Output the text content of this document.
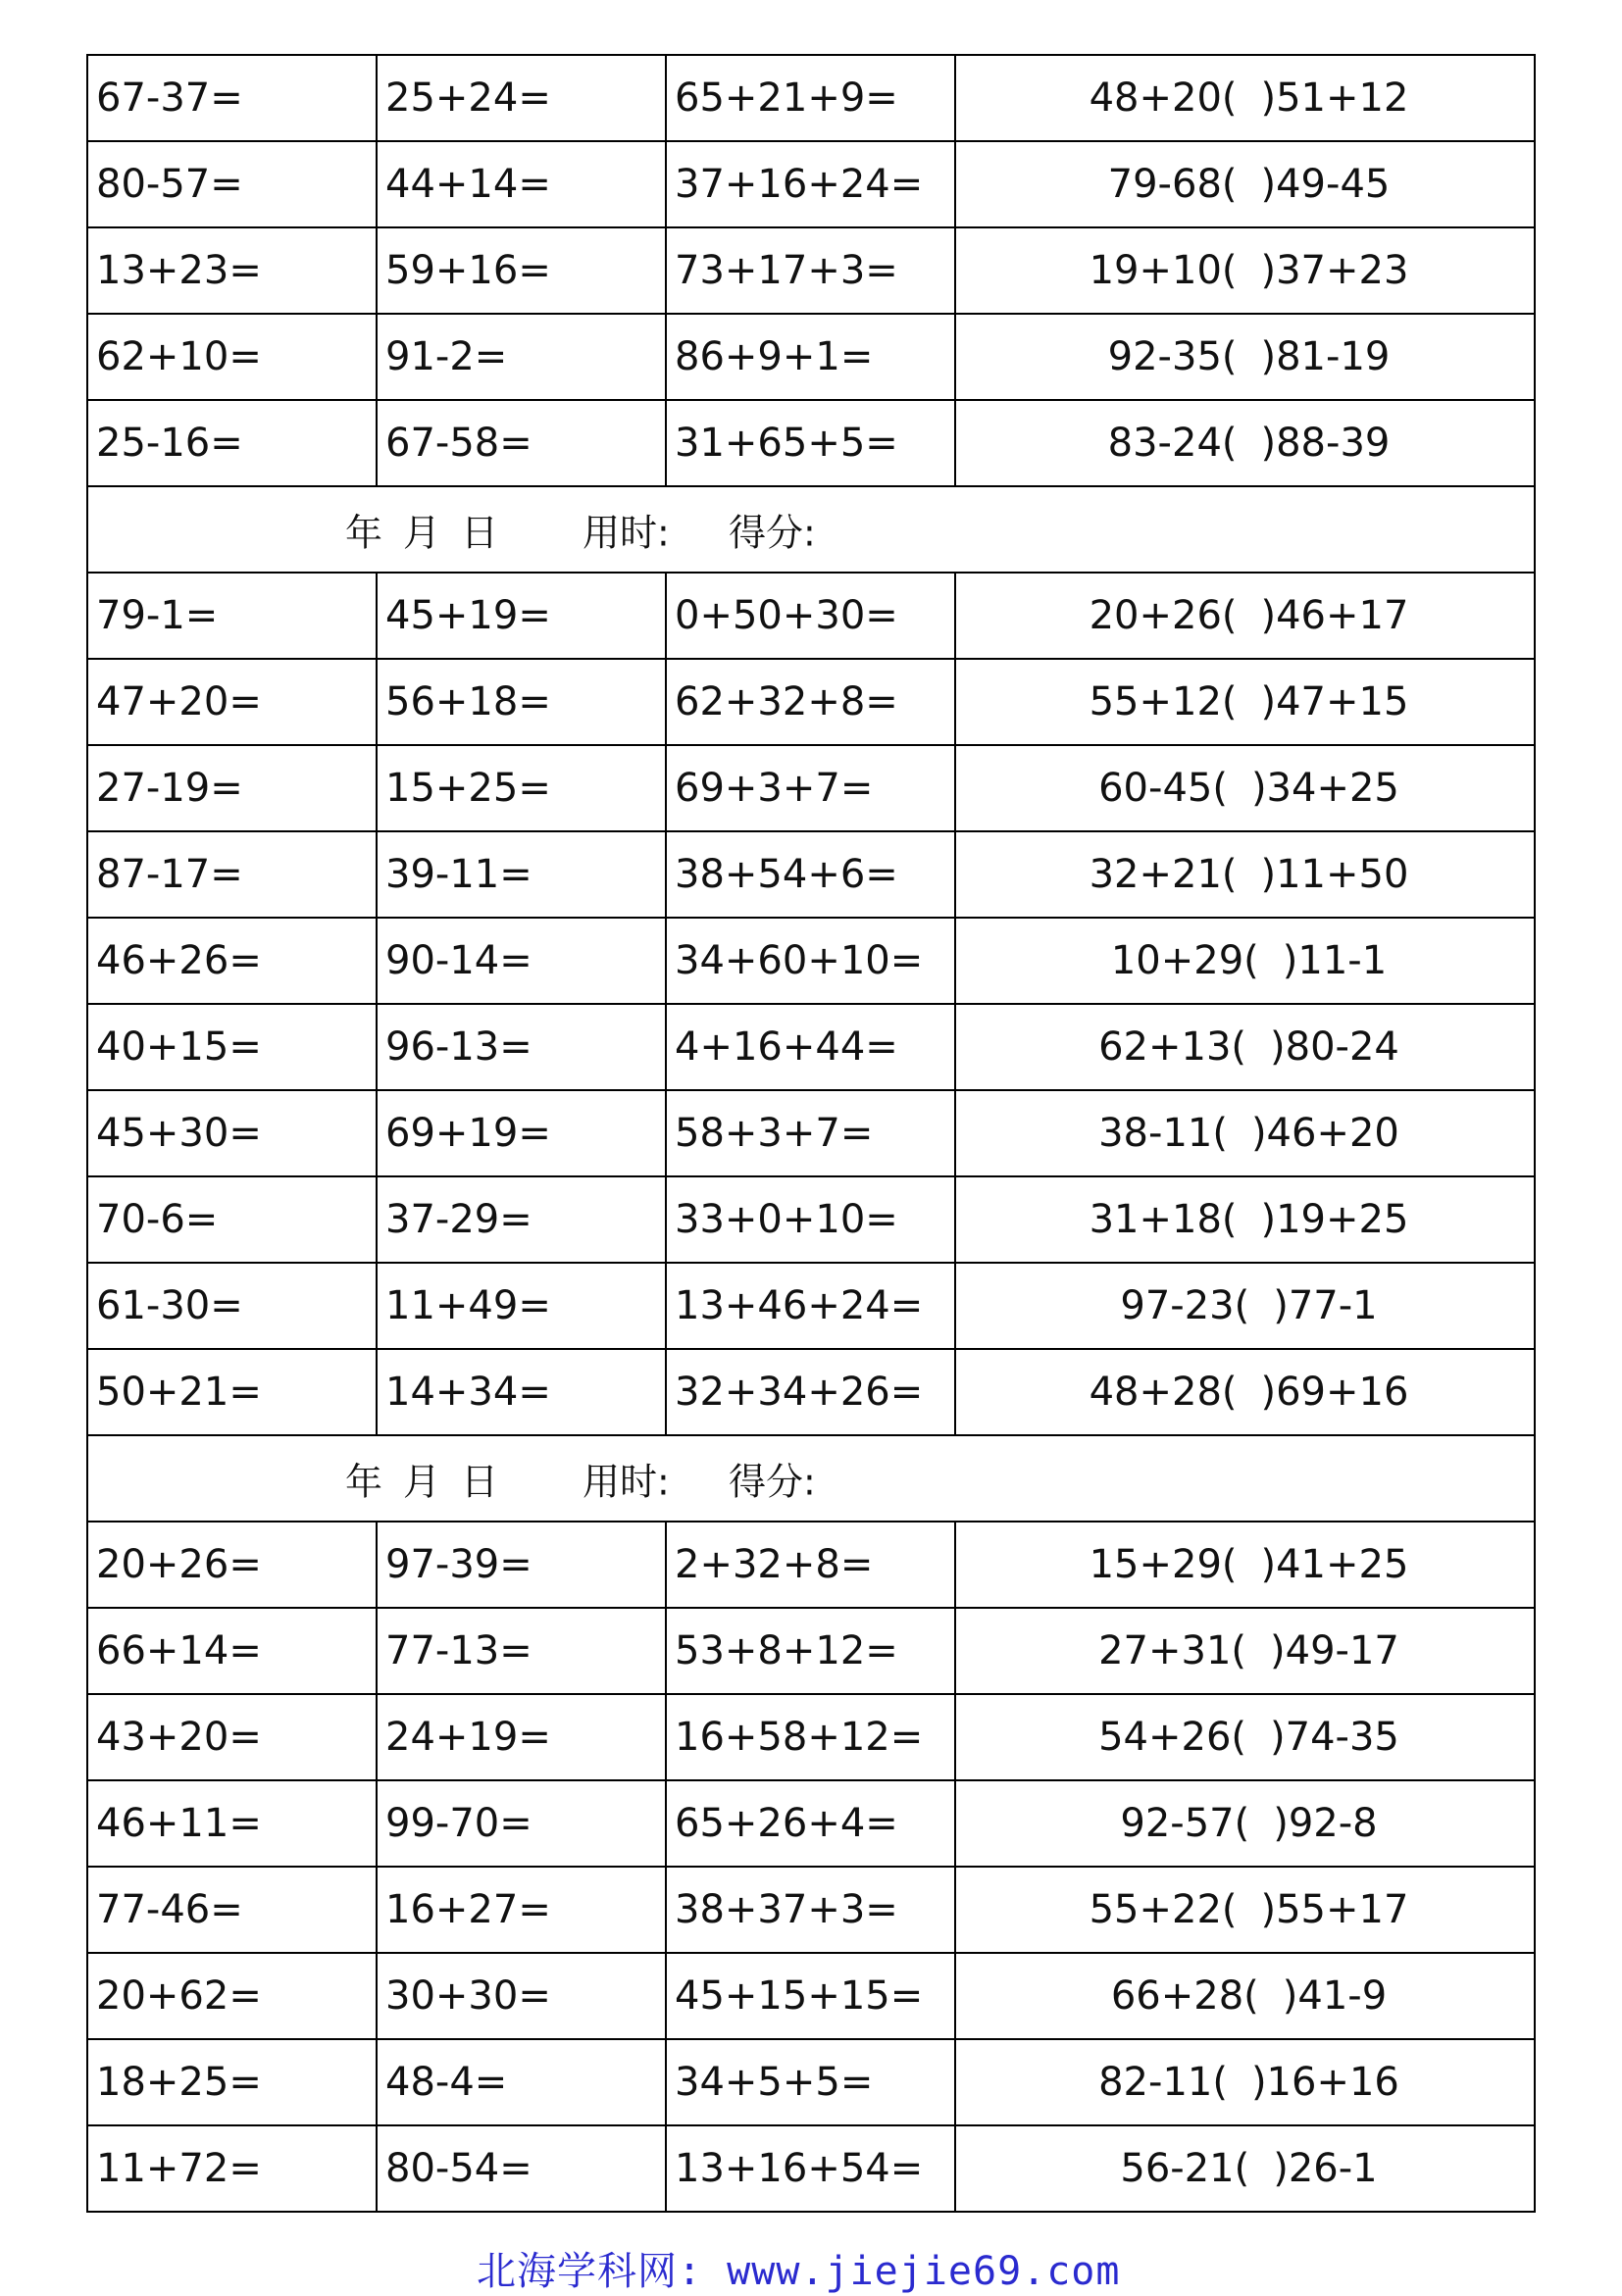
67-37=	25+24=	65+21+9=	48+20( )51+12
80-57=	44+14=	37+16+24=	79-68( )49-45
13+23=	59+16=	73+17+3=	19+10( )37+23
62+10=	91-2=	86+9+1=	92-35( )81-19
25-16=	67-58=	31+65+5=	83-24( )88-39

年 月 日 用时: 得分:			

79-1=	45+19=	0+50+30=	20+26( )46+17
47+20=	56+18=	62+32+8=	55+12( )47+15
27-19=	15+25=	69+3+7=	60-45( )34+25
87-17=	39-11=	38+54+6=	32+21( )11+50
46+26=	90-14=	34+60+10=	10+29( )11-1
40+15=	96-13=	4+16+44=	62+13( )80-24
45+30=	69+19=	58+3+7=	38-11( )46+20
70-6=	37-29=	33+0+10=	31+18( )19+25
61-30=	11+49=	13+46+24=	97-23( )77-1
50+21=	14+34=	32+34+26=	48+28( )69+16

年 月 日 用时: 得分:			

20+26=	97-39=	2+32+8=	15+29( )41+25
66+14=	77-13=	53+8+12=	27+31( )49-17
43+20=	24+19=	16+58+12=	54+26( )74-35
46+11=	99-70=	65+26+4=	92-57( )92-8
77-46=	16+27=	38+37+3=	55+22( )55+17
20+62=	30+30=	45+15+15=	66+28( )41-9
18+25=	48-4=	34+5+5=	82-11( )16+16
11+72=	80-54=	13+16+54=	56-21( )26-1
北海学科网: www.jiejie69.com
